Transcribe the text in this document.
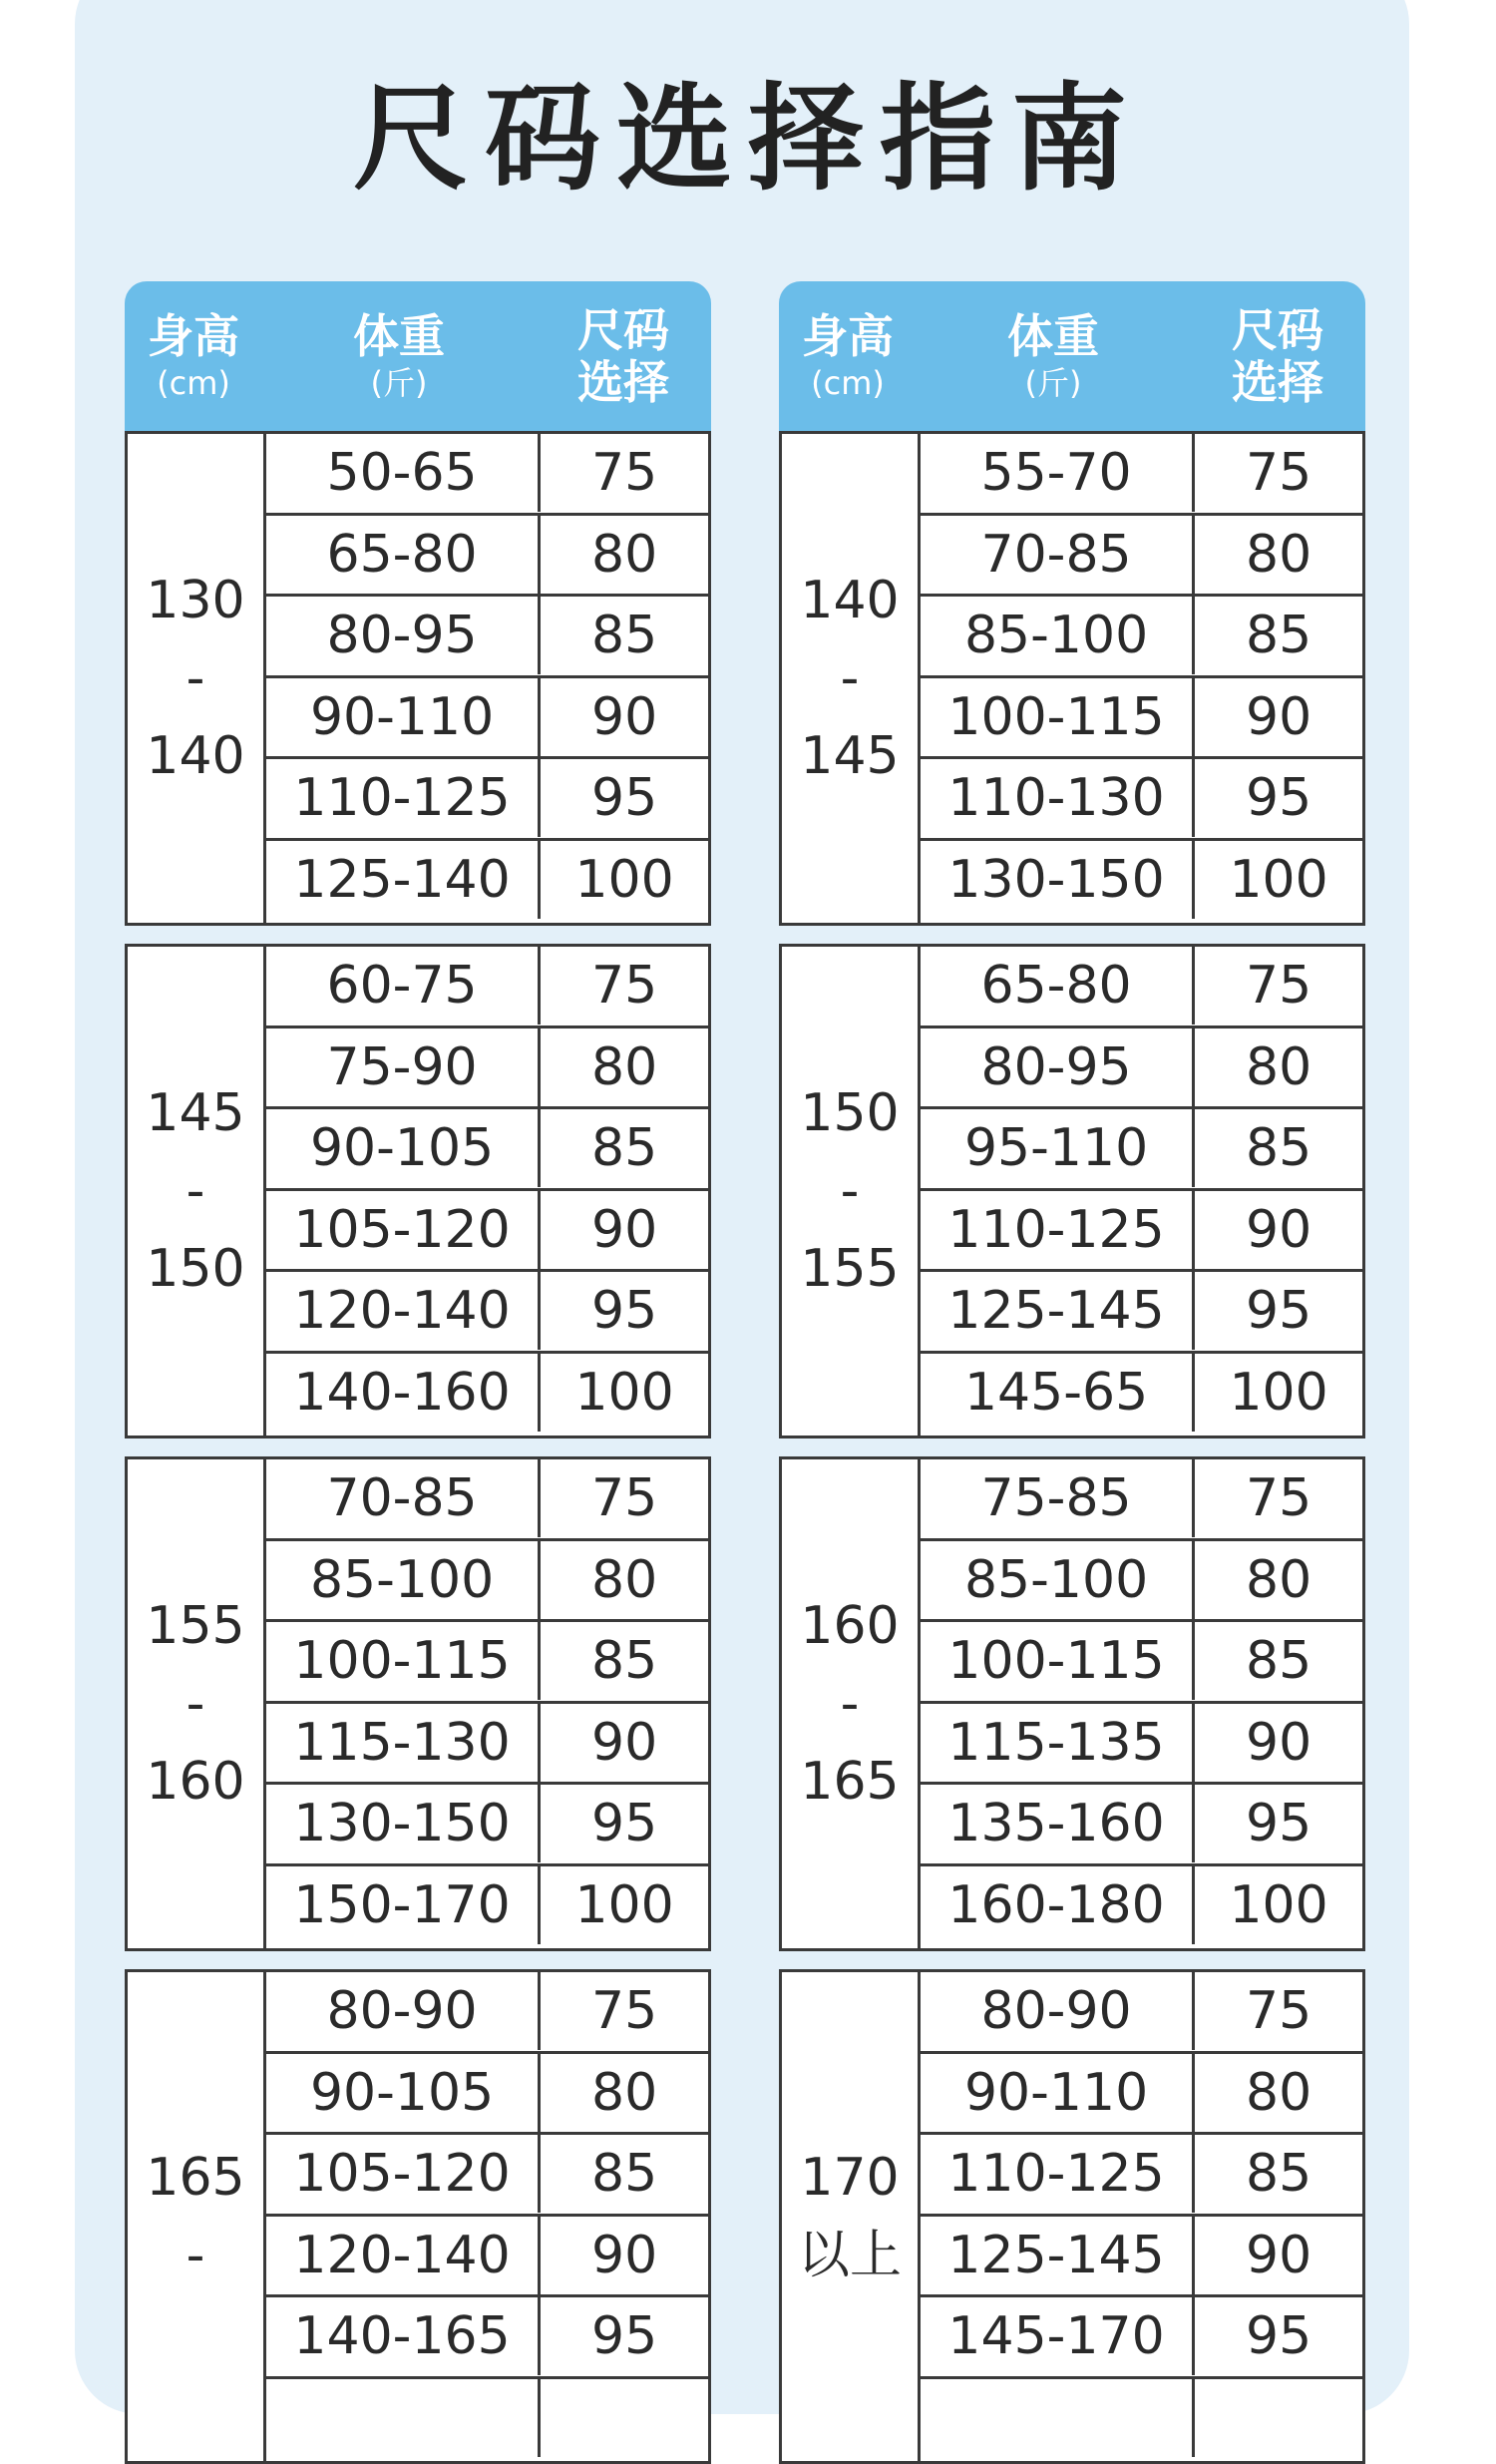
尺码选择指南
身高
(cm)
体重
(斤)
尺码
选择
130
-
140
50-65	75
65-80	80
80-95	85
90-110	90
110-125	95
125-140	100
145
-
150
60-75	75
75-90	80
90-105	85
105-120	90
120-140	95
140-160	100
155
-
160
70-85	75
85-100	80
100-115	85
115-130	90
130-150	95
150-170	100
165
-
80-90	75
90-105	80
105-120	85
120-140	90
140-165	95
身高
(cm)
体重
(斤)
尺码
选择
140
-
145
55-70	75
70-85	80
85-100	85
100-115	90
110-130	95
130-150	100
150
-
155
65-80	75
80-95	80
95-110	85
110-125	90
125-145	95
145-65	100
160
-
165
75-85	75
85-100	80
100-115	85
115-135	90
135-160	95
160-180	100
170
以上
80-90	75
90-110	80
110-125	85
125-145	90
145-170	95
